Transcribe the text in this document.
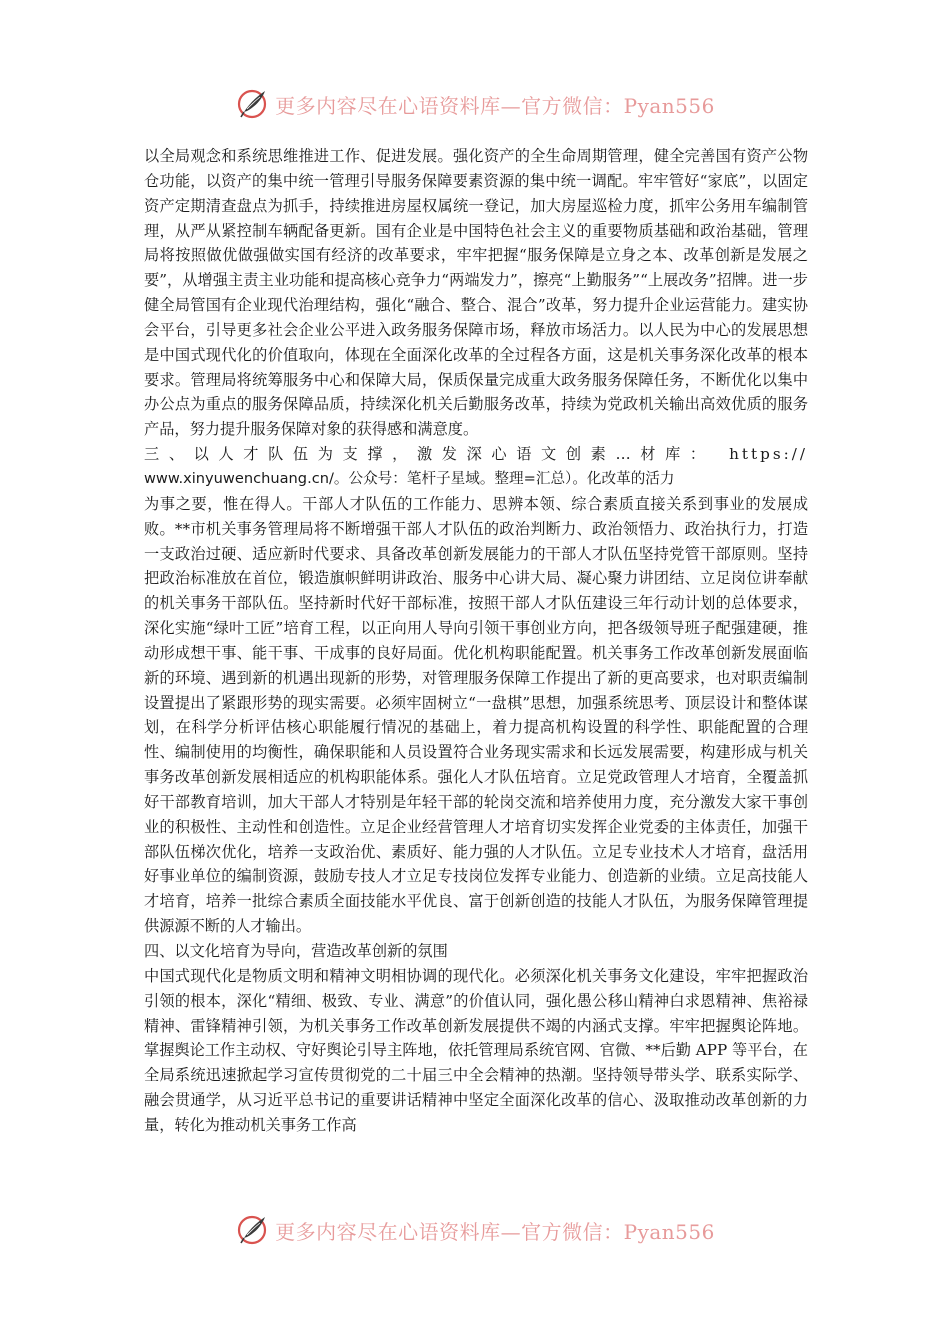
更多内容尽在心语资料库—官方微信：Pyan556

以全局观念和系统思维推进工作、促进发展。强化资产的全生命周期管理，健全完善国有资产公物仓功能，以资产的集中统一管理引导服务保障要素资源的集中统一调配。牢牢管好“家底”，以固定资产定期清查盘点为抓手，持续推进房屋权属统一登记，加大房屋巡检力度，抓牢公务用车编制管理，从严从紧控制车辆配备更新。国有企业是中国特色社会主义的重要物质基础和政治基础，管理局将按照做优做强做实国有经济的改革要求，牢牢把握“服务保障是立身之本、改革创新是发展之要”，从增强主责主业功能和提高核心竞争力“两端发力”，擦亮“上勤服务”“上展改务”招牌。进一步健全局管国有企业现代治理结构，强化“融合、整合、混合”改革，努力提升企业运营能力。建实协会平台，引导更多社会企业公平进入政务服务保障市场，释放市场活力。以人民为中心的发展思想是中国式现代化的价值取向，体现在全面深化改革的全过程各方面，这是机关事务深化改革的根本要求。管理局将统筹服务中心和保障大局，保质保量完成重大政务服务保障任务，不断优化以集中办公点为重点的服务保障品质，持续深化机关后勤服务改革，持续为党政机关输出高效优质的服务产品，努力提升服务保障对象的获得感和满意度。

三、以人才队伍为支撑，激发深心语文创素…材库： https://
www.xinyuwenchuang.cn/。公众号：笔杆子星域。整理=汇总）。化改革的活力

为事之要，惟在得人。干部人才队伍的工作能力、思辨本领、综合素质直接关系到事业的发展成败。**市机关事务管理局将不断增强干部人才队伍的政治判断力、政治领悟力、政治执行力，打造一支政治过硬、适应新时代要求、具备改革创新发展能力的干部人才队伍坚持党管干部原则。坚持把政治标准放在首位，锻造旗帜鲜明讲政治、服务中心讲大局、凝心聚力讲团结、立足岗位讲奉献的机关事务干部队伍。坚持新时代好干部标准，按照干部人才队伍建设三年行动计划的总体要求，深化实施“绿叶工匠”培育工程，以正向用人导向引领干事创业方向，把各级领导班子配强建硬，推动形成想干事、能干事、干成事的良好局面。优化机构职能配置。机关事务工作改革创新发展面临新的环境、遇到新的机遇出现新的形势，对管理服务保障工作提出了新的更高要求，也对职责编制设置提出了紧跟形势的现实需要。必须牢固树立“一盘棋”思想，加强系统思考、顶层设计和整体谋划，在科学分析评估核心职能履行情况的基础上，着力提高机构设置的科学性、职能配置的合理性、编制使用的均衡性，确保职能和人员设置符合业务现实需求和长远发展需要，构建形成与机关事务改革创新发展相适应的机构职能体系。强化人才队伍培育。立足党政管理人才培育，全覆盖抓好干部教育培训，加大干部人才特别是年轻干部的轮岗交流和培养使用力度，充分激发大家干事创业的积极性、主动性和创造性。立足企业经营管理人才培育切实发挥企业党委的主体责任，加强干部队伍梯次优化，培养一支政治优、素质好、能力强的人才队伍。立足专业技术人才培育，盘活用好事业单位的编制资源，鼓励专技人才立足专技岗位发挥专业能力、创造新的业绩。立足高技能人才培育，培养一批综合素质全面技能水平优良、富于创新创造的技能人才队伍，为服务保障管理提供源源不断的人才输出。

四、以文化培育为导向，营造改革创新的氛围

中国式现代化是物质文明和精神文明相协调的现代化。必须深化机关事务文化建设，牢牢把握政治引领的根本，深化“精细、极致、专业、满意”的价值认同，强化愚公移山精神白求恩精神、焦裕禄精神、雷锋精神引领，为机关事务工作改革创新发展提供不竭的内涵式支撑。牢牢把握舆论阵地。掌握舆论工作主动权、守好舆论引导主阵地，依托管理局系统官网、官微、**后勤 APP 等平台，在全局系统迅速掀起学习宣传贯彻党的二十届三中全会精神的热潮。坚持领导带头学、联系实际学、融会贯通学，从习近平总书记的重要讲话精神中坚定全面深化改革的信心、汲取推动改革创新的力量，转化为推动机关事务工作高

更多内容尽在心语资料库—官方微信：Pyan556
